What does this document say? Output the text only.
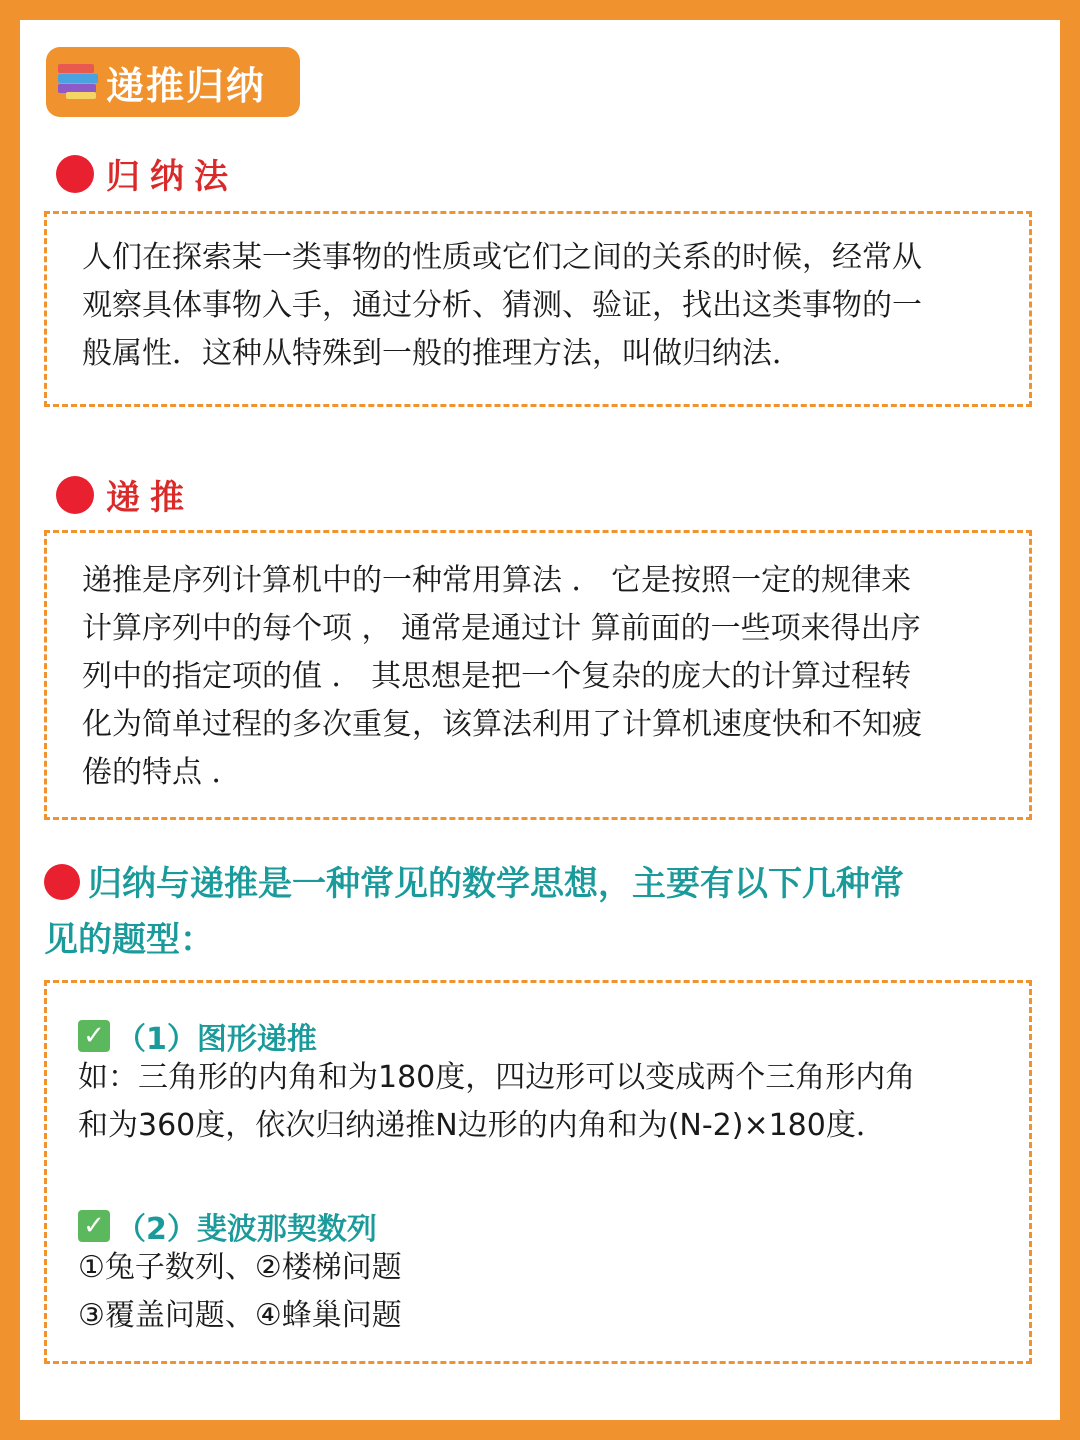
递推归纳
归纳法

人们在探索某一类事物的性质或它们之间的关系的时候，经常从
观察具体事物入手，通过分析、猜测、验证，找出这类事物的一
般属性．这种从特殊到一般的推理方法，叫做归纳法．

递推

递推是序列计算机中的一种常用算法 ． 它是按照一定的规律来
计算序列中的每个项 ， 通常是通过计 算前面的一些项来得出序
列中的指定项的值 ． 其思想是把一个复杂的庞大的计算过程转
化为简单过程的多次重复，该算法利用了计算机速度快和不知疲
倦的特点 ．

归纳与递推是一种常见的数学思想，主要有以下几种常
见的题型：
✓ （1）图形递推
如：三角形的内角和为180度，四边形可以变成两个三角形内角
和为360度，依次归纳递推N边形的内角和为(N-2)×180度．
✓ （2）斐波那契数列
①兔子数列、②楼梯问题
③覆盖问题、④蜂巢问题
